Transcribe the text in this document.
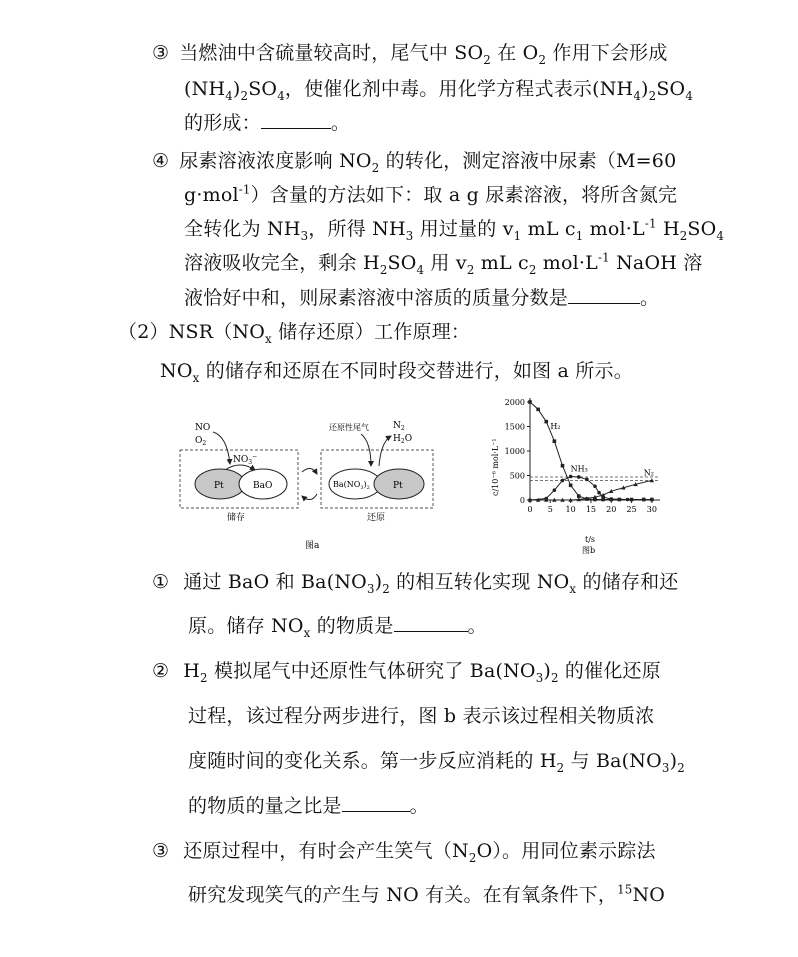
③ 当燃油中含硫量较高时，尾气中 $SO_2$ 在 $O_2$ 作用下会形成
$(NH_4)_2SO_4$，使催化剂中毒。用化学方程式表示$(NH_4)_2SO_4$
的形成：	。
④ 尿素溶液浓度影响 $NO_2$ 的转化，测定溶液中尿素（M=60
g·mol$^{-1}$）含量的方法如下：取 a g 尿素溶液，将所含氮完
全转化为 $NH_3$，所得 $NH_3$ 用过量的 $v_1$ mL $c_1$ $mol\cdot L^{-1}$ $H_2SO_4$
溶液吸收完全，剩余 $H_2SO_4$ 用 $v_2$ mL $c_2$ $mol\cdot L^{-1}$ NaOH 溶
液恰好中和，则尿素溶液中溶质的质量分数是	。
$(2)NSR(NO_x$ 储存还原）工作原理：
$NO_x$ 的储存和还原在不同时段交替进行，如图 a 所示。
NO
$O_2$
$NO_3^-$
Pt	BaO
还原性尾气	$N_2$
$H_2O$
$Ba(NO_3)_2$	Pt
储存	还原
图a
c/10⁻⁶ mol·L⁻¹
t/s
图b
0 5 10 15 20 25 30
0
500
1000
1500
2000
H₂
NH₃	N₂
① 通过 BaO 和 $Ba(NO_3)_2$ 的相互转化实现 $NO_x$ 的储存和还
原。储存 $NO_x$ 的物质是	。
② $H_2$ 模拟尾气中还原性气体研究了 $Ba(NO_3)_2$ 的催化还原
过程，该过程分两步进行，图 b 表示该过程相关物质浓
度随时间的变化关系。第一步反应消耗的 $H_2$ 与 $Ba(NO_3)_2$
的物质的量之比是	。
③ 还原过程中，有时会产生笑气$(N_2O)$。用同位素示踪法
研究发现笑气的产生与 NO 有关。在有氧条件下，$^{15}$NO
